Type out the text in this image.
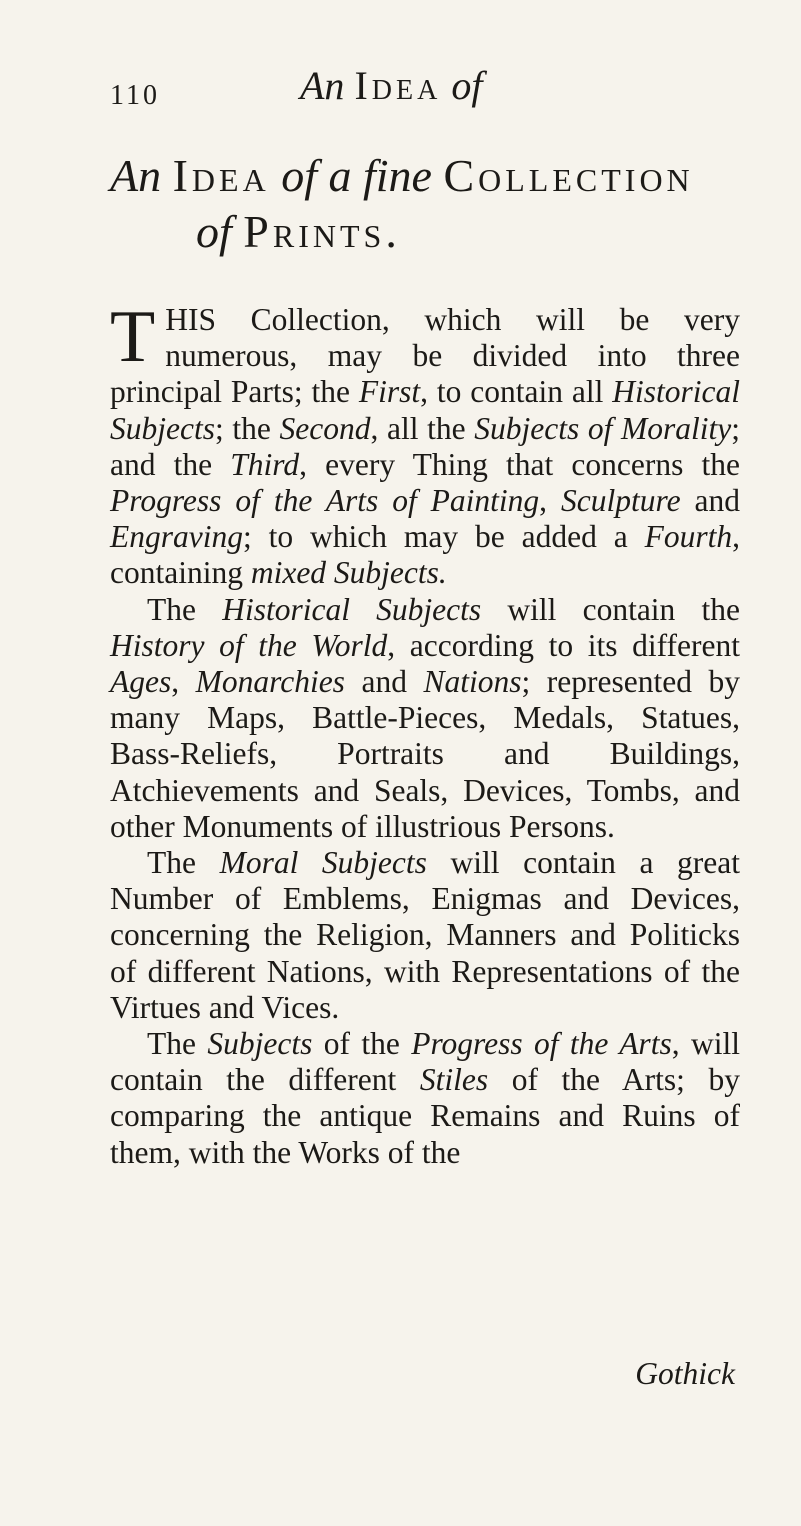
110	An Idea of
An Idea of a fine Collection
of Prints.

THIS Collection, which will be very numerous, may be divided into three principal Parts; the First, to contain all Historical Subjects; the Second, all the Subjects of Morality; and the Third, every Thing that concerns the Progress of the Arts of Painting, Sculpture and Engraving; to which may be added a Fourth, containing mixed Subjects.

The Historical Subjects will contain the History of the World, according to its different Ages, Monarchies and Nations; represented by many Maps, Battle-Pieces, Medals, Statues, Bass-Reliefs, Portraits and Buildings, Atchievements and Seals, Devices, Tombs, and other Monuments of illustrious Persons.

The Moral Subjects will contain a great Number of Emblems, Enigmas and Devices, concerning the Religion, Manners and Politicks of different Nations, with Representations of the Virtues and Vices.

The Subjects of the Progress of the Arts, will contain the different Stiles of the Arts; by comparing the antique Remains and Ruins of them, with the Works of the

Gothick
